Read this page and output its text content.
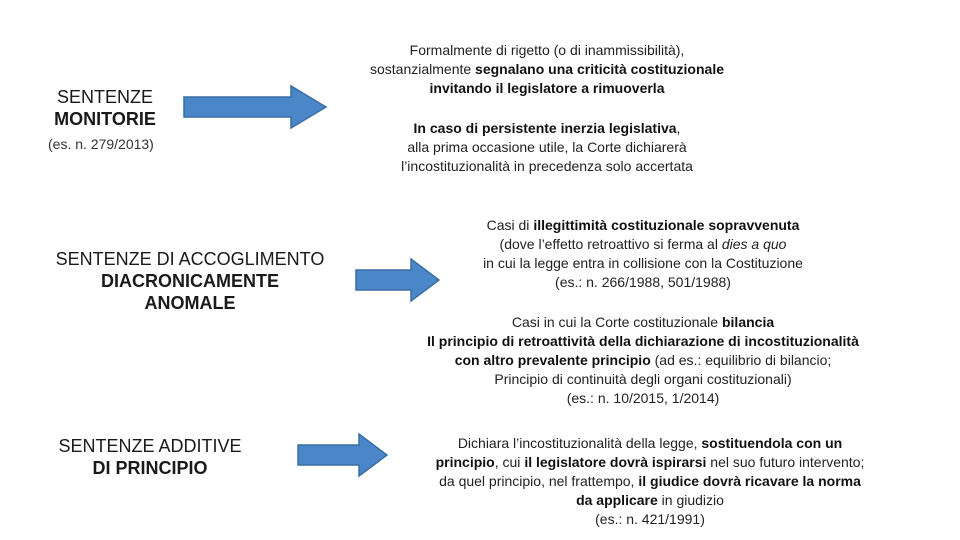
SENTENZE
MONITORIE
(es. n. 279/2013)
Formalmente di rigetto (o di inammissibilità),
sostanzialmente segnalano una criticità costituzionale
invitando il legislatore a rimuoverla
In caso di persistente inerzia legislativa,
alla prima occasione utile, la Corte dichiarerà
l’incostituzionalità in precedenza solo accertata
SENTENZE DI ACCOGLIMENTO
DIACRONICAMENTE
ANOMALE
Casi di illegittimità costituzionale sopravvenuta
(dove l’effetto retroattivo si ferma al dies a quo
in cui la legge entra in collisione con la Costituzione
(es.: n. 266/1988, 501/1988)
Casi in cui la Corte costituzionale bilancia
Il principio di retroattività della dichiarazione di incostituzionalità
con altro prevalente principio (ad es.: equilibrio di bilancio;
Principio di continuità degli organi costituzionali)
(es.: n. 10/2015, 1/2014)
SENTENZE ADDITIVE
DI PRINCIPIO
Dichiara l’incostituzionalità della legge, sostituendola con un
principio, cui il legislatore dovrà ispirarsi nel suo futuro intervento;
da quel principio, nel frattempo, il giudice dovrà ricavare la norma
da applicare in giudizio
(es.: n. 421/1991)
